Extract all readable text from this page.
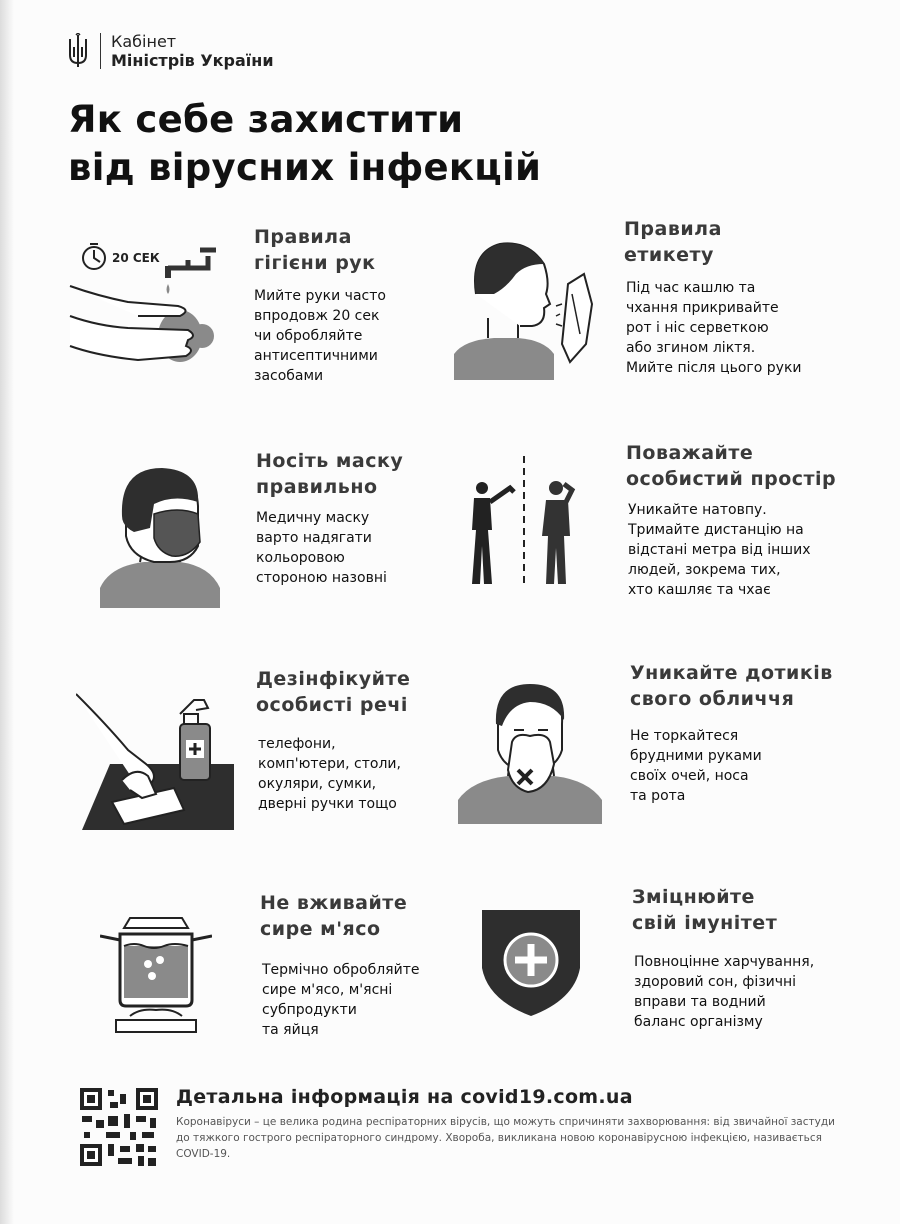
Кабінет
Міністрів України
Як себе захистити
від вірусних інфекцій
20 СЕК
Правила
гігієни рук
Мийте руки часто
впродовж 20 сек
чи обробляйте
антисептичними
засобами
Правила
етикету
Під час кашлю та
чхання прикривайте
рот і ніс серветкою
або згином ліктя.
Мийте після цього руки
Носіть маску
правильно
Медичну маску
варто надягати
кольоровою
стороною назовні
Поважайте
особистий простір
Уникайте натовпу.
Тримайте дистанцію на
відстані метра від інших
людей, зокрема тих,
хто кашляє та чхає
Дезінфікуйте
особисті речі
телефони,
комп'ютери, столи,
окуляри, сумки,
дверні ручки тощо
Уникайте дотиків
свого обличчя
Не торкайтеся
брудними руками
своїх очей, носа
та рота
Не вживайте
сире м'ясо
Термічно обробляйте
сире м'ясо, м'ясні
субпродукти
та яйця
Зміцнюйте
свій імунітет
Повноцінне харчування,
здоровий сон, фізичні
вправи та водний
баланс організму
Детальна інформація на covid19.com.ua
Коронавіруси – це велика родина респіраторних вірусів, що можуть спричиняти захворювання: від звичайної застуди до тяжкого гострого респіраторного синдрому. Хвороба, викликана новою коронавірусною інфекцією, називається COVID-19.
